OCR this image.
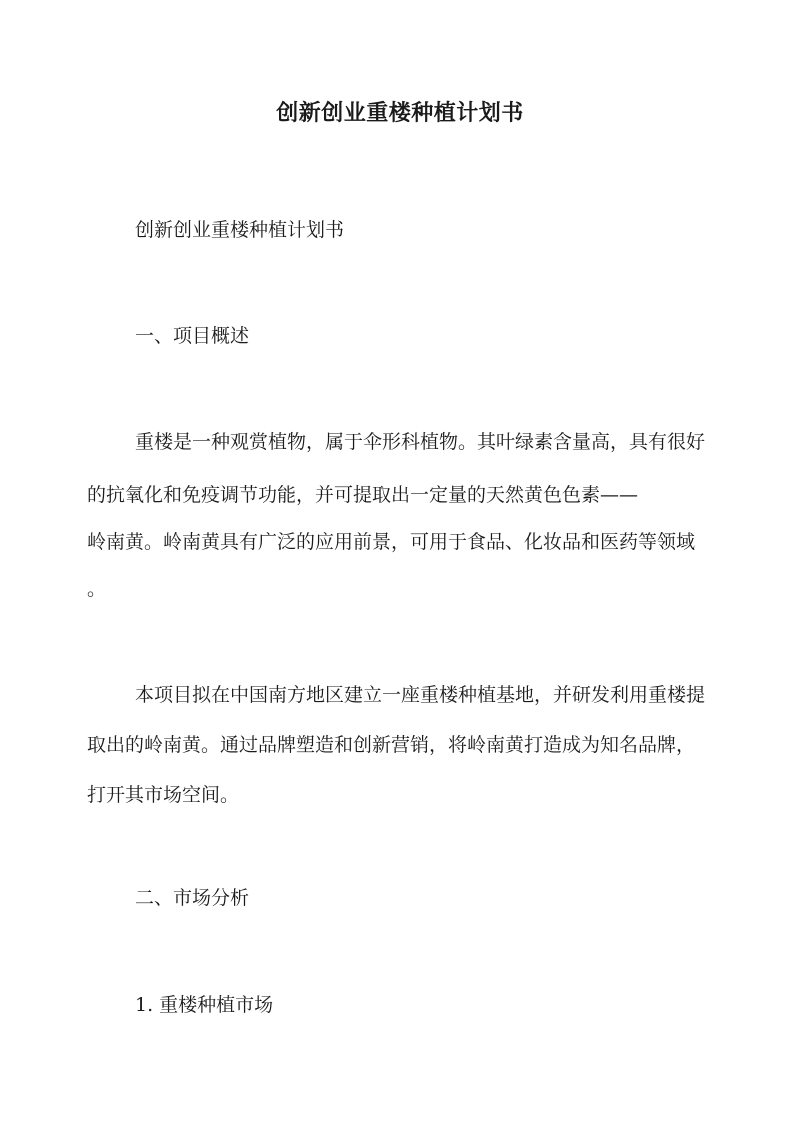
创新创业重楼种植计划书
创新创业重楼种植计划书
一、项目概述
重楼是一种观赏植物，属于伞形科植物。其叶绿素含量高，具有很好
的抗氧化和免疫调节功能，并可提取出一定量的天然黄色色素——
岭南黄。岭南黄具有广泛的应用前景，可用于食品、化妆品和医药等领域
。
本项目拟在中国南方地区建立一座重楼种植基地，并研发利用重楼提
取出的岭南黄。通过品牌塑造和创新营销，将岭南黄打造成为知名品牌，
打开其市场空间。
二、市场分析
1. 重楼种植市场
